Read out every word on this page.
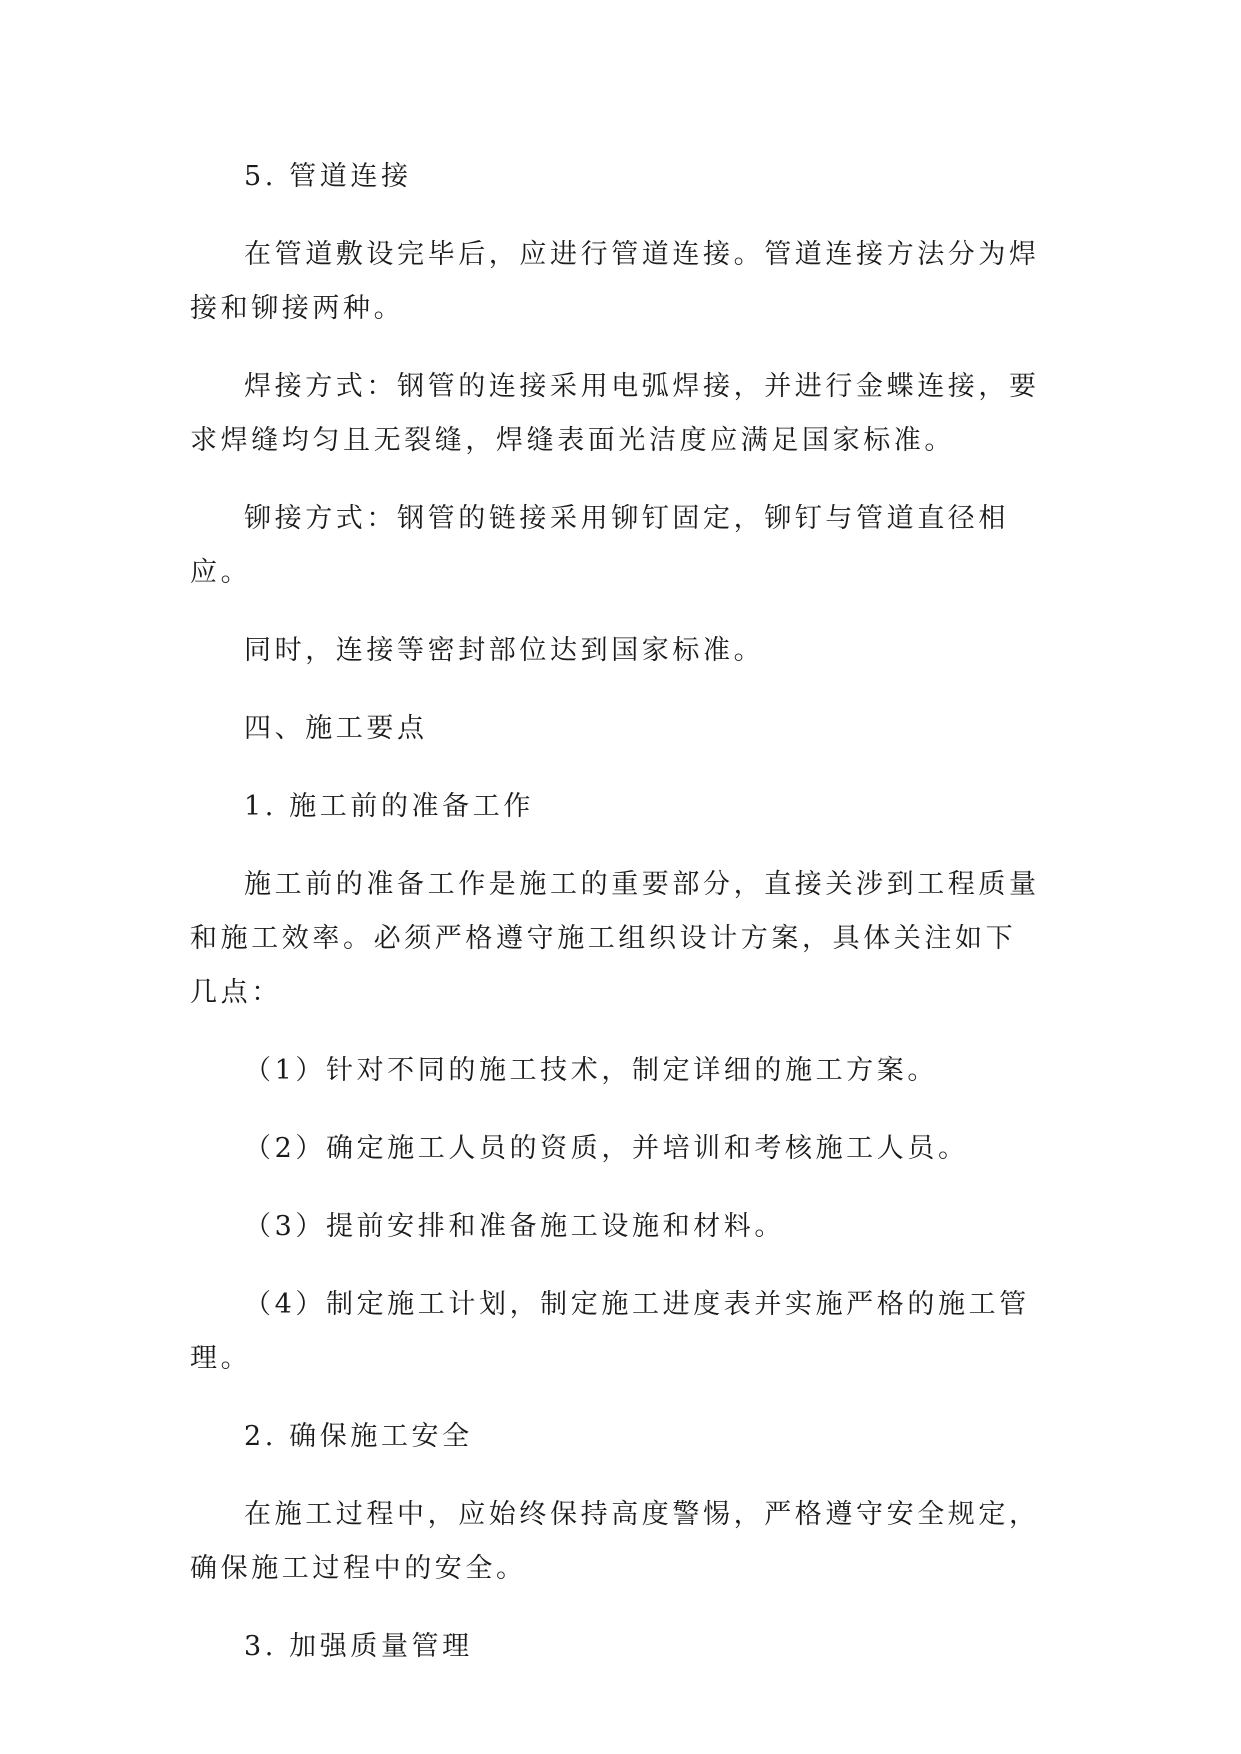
5. 管道连接

在管道敷设完毕后，应进行管道连接。管道连接方法分为焊接和铆接两种。

焊接方式：钢管的连接采用电弧焊接，并进行金蝶连接，要求焊缝均匀且无裂缝，焊缝表面光洁度应满足国家标准。

铆接方式：钢管的链接采用铆钉固定，铆钉与管道直径相应。

同时，连接等密封部位达到国家标准。

四、施工要点

1. 施工前的准备工作

施工前的准备工作是施工的重要部分，直接关涉到工程质量和施工效率。必须严格遵守施工组织设计方案，具体关注如下几点：

（1）针对不同的施工技术，制定详细的施工方案。

（2）确定施工人员的资质，并培训和考核施工人员。

（3）提前安排和准备施工设施和材料。

（4）制定施工计划，制定施工进度表并实施严格的施工管理。

2. 确保施工安全

在施工过程中，应始终保持高度警惕，严格遵守安全规定，确保施工过程中的安全。

3. 加强质量管理
